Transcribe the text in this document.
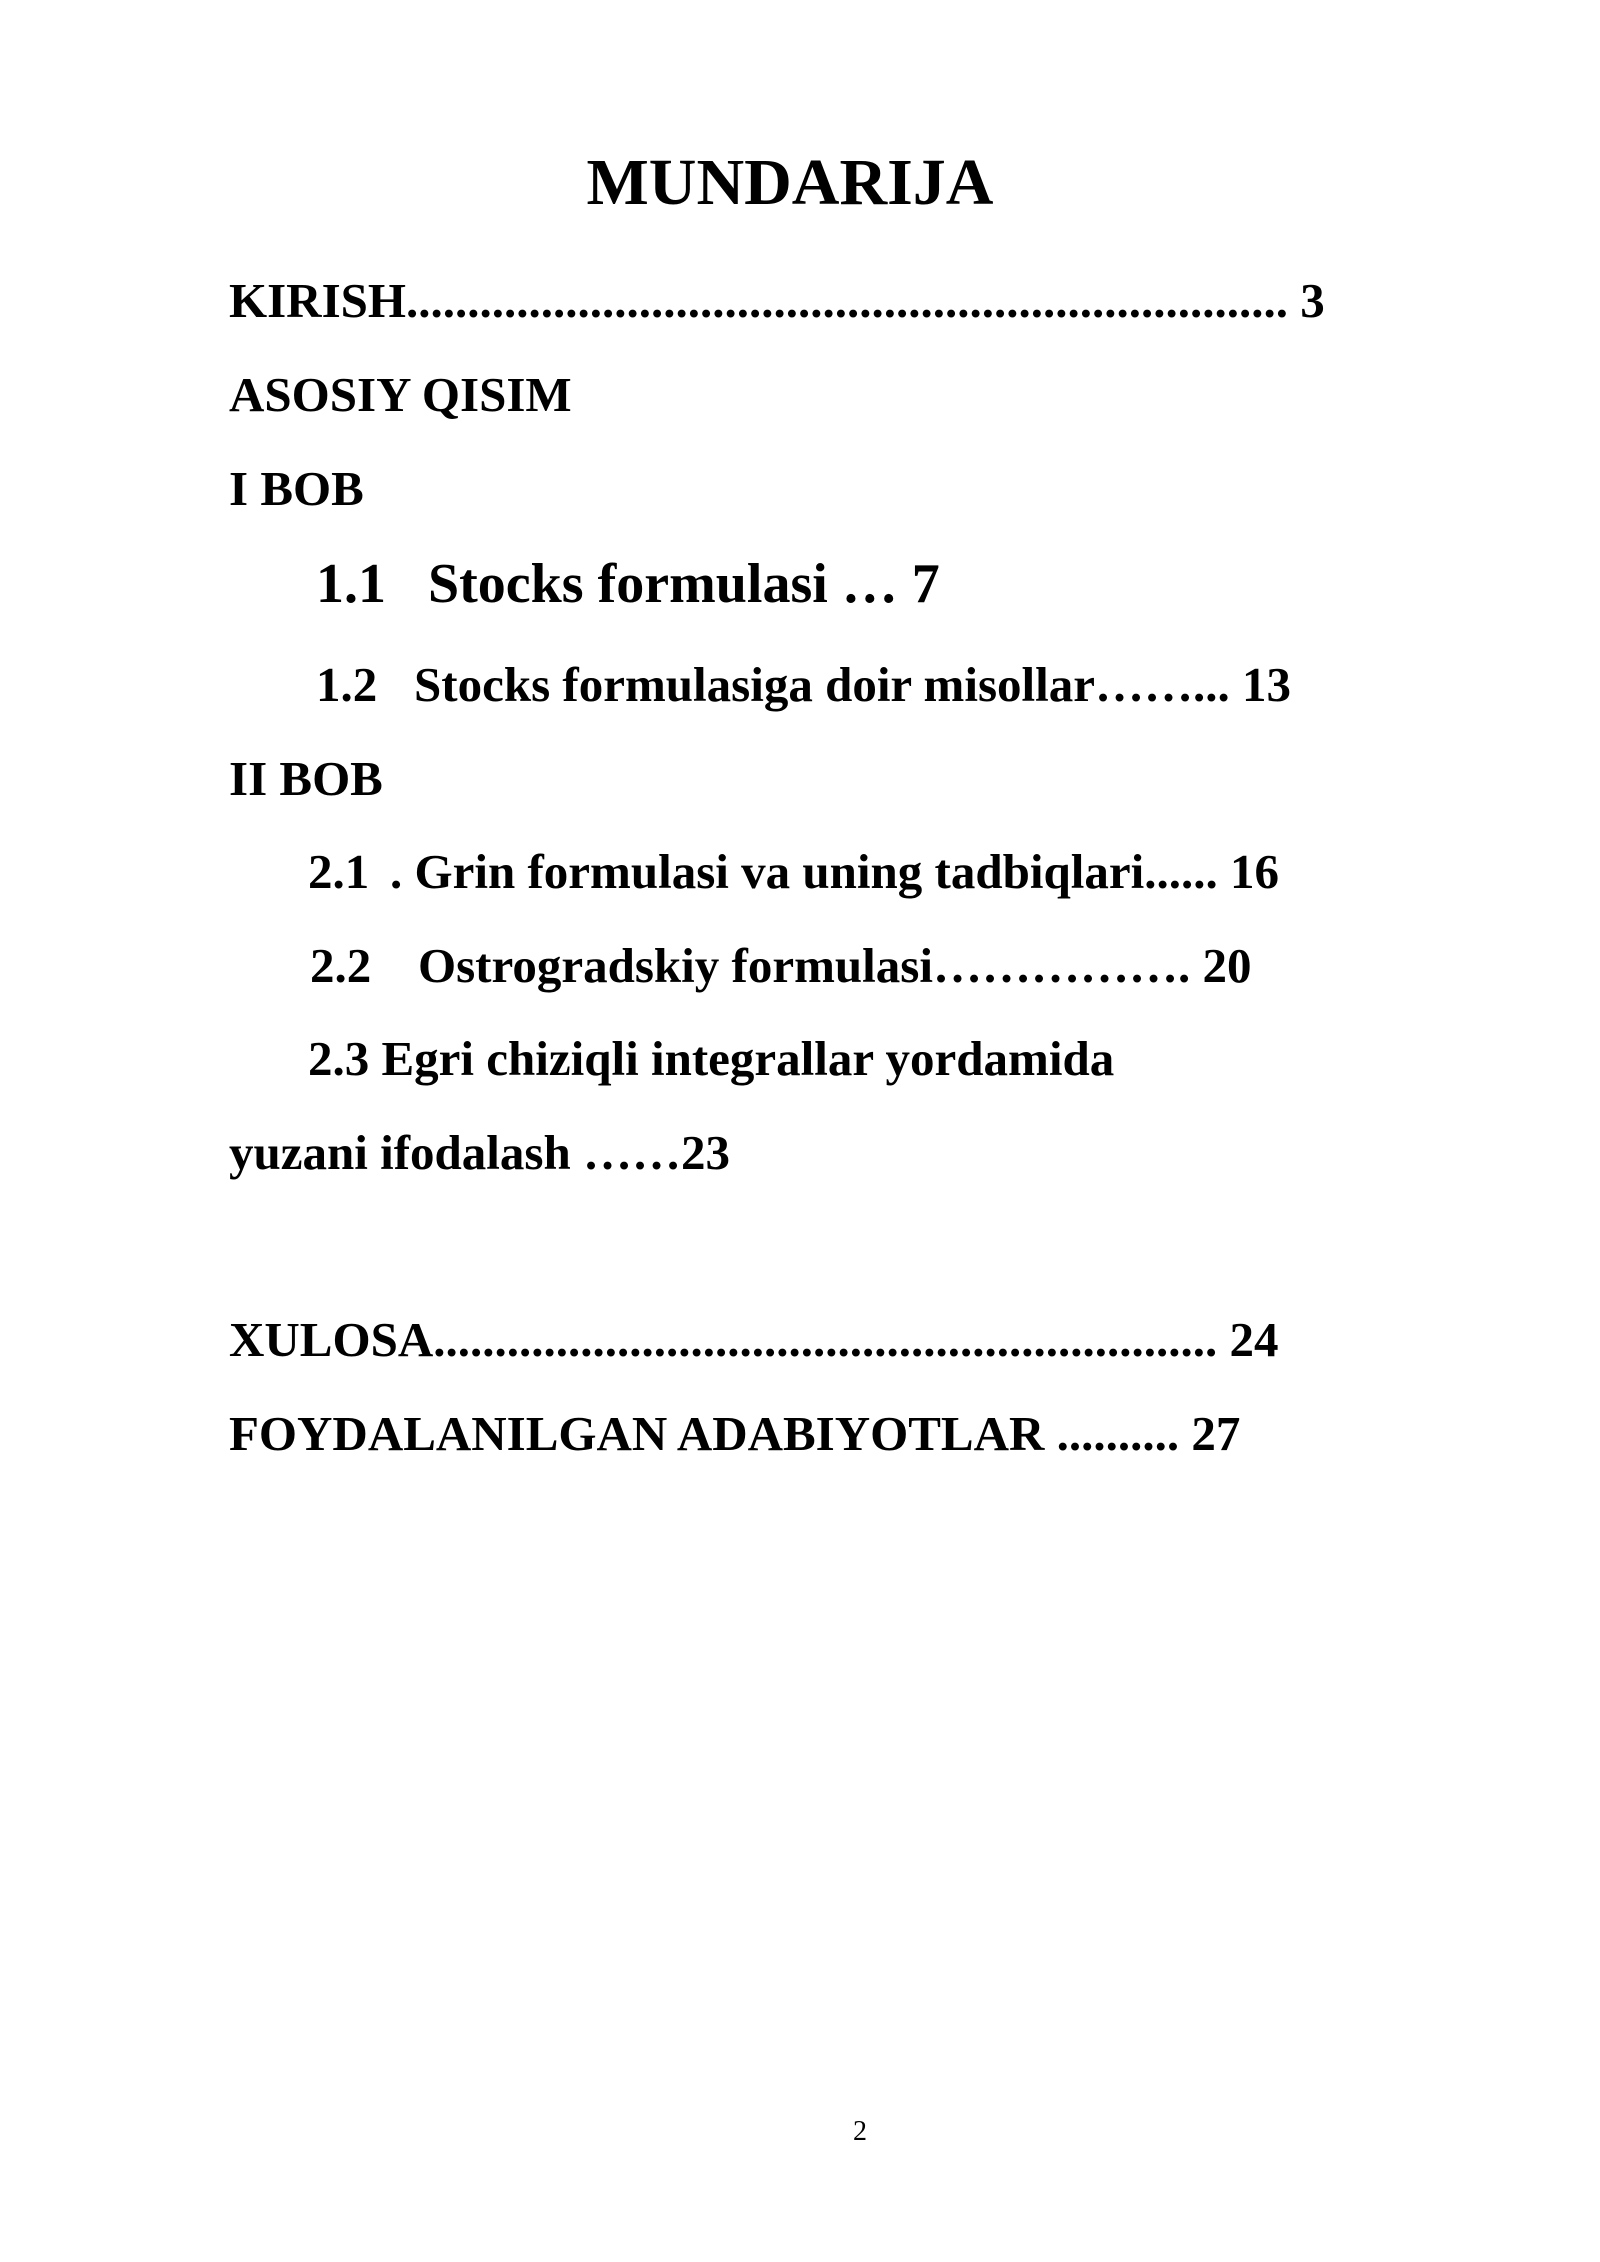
MUNDARIJA
KIRISH........................................................................ 3
ASOSIY QISIM
I BOB
1.1 Stocks formulasi … 7
1.2 Stocks formulasiga doir misollar……... 13
II BOB
2.1 . Grin formulasi va uning tadbiqlari...... 16
2.2 Ostrogradskiy formulasi……………. 20
2.3 Egri chiziqli integrallar yordamida
yuzani ifodalash ……23
XULOSA................................................................ 24
FOYDALANILGAN ADABIYOTLAR .......... 27
2
